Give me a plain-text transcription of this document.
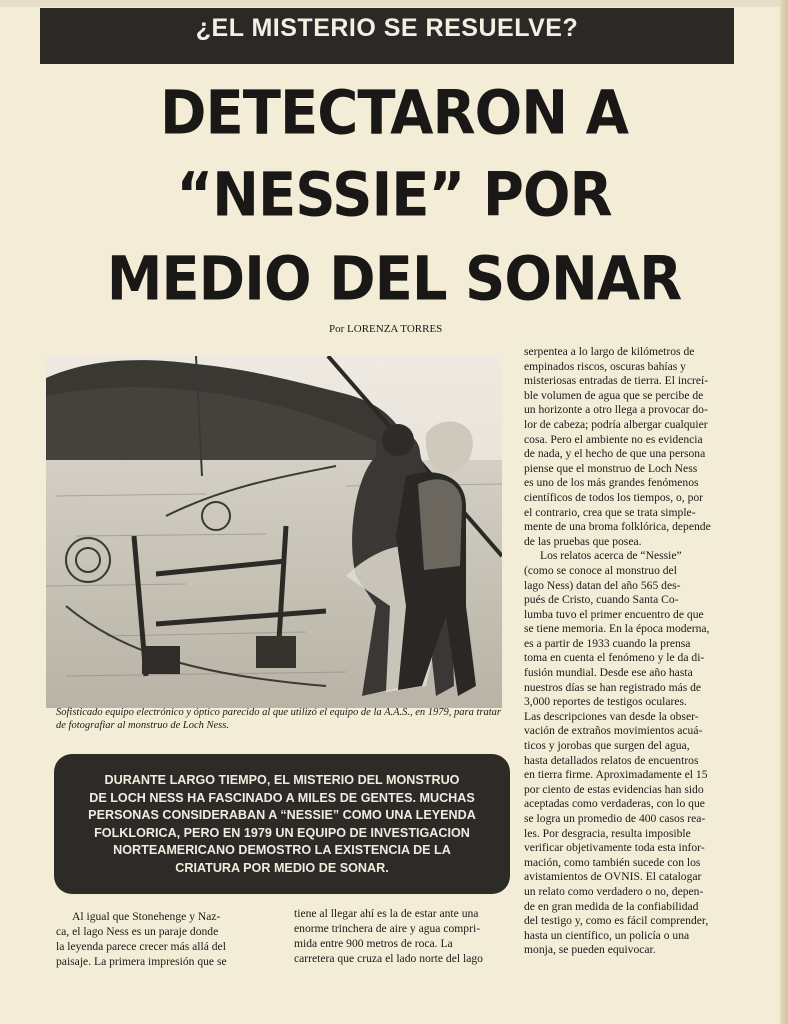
¿EL MISTERIO SE RESUELVE?
DETECTARON A
“NESSIE” POR
MEDIO DEL SONAR
Por LORENZA TORRES
Sofisticado equipo electrónico y óptico parecido al que utilizó el equipo de la A.A.S., en 1979, para tratar de fotografiar al monstruo de Loch Ness.
DURANTE LARGO TIEMPO, EL MISTERIO DEL MONSTRUO
DE LOCH NESS HA FASCINADO A MILES DE GENTES. MUCHAS
PERSONAS CONSIDERABAN A “NESSIE” COMO UNA LEYENDA
FOLKLORICA, PERO EN 1979 UN EQUIPO DE INVESTIGACION
NORTEAMERICANO DEMOSTRO LA EXISTENCIA DE LA
CRIATURA POR MEDIO DE SONAR.
Al igual que Stonehenge y Naz-
ca, el lago Ness es un paraje donde
la leyenda parece crecer más allá del
paisaje. La primera impresión que se
tiene al llegar ahí es la de estar ante una
enorme trinchera de aire y agua compri-
mida entre 900 metros de roca. La
carretera que cruza el lado norte del lago
serpentea a lo largo de kilómetros de
empinados riscos, oscuras bahías y
misteriosas entradas de tierra. El increí-
ble volumen de agua que se percibe de
un horizonte a otro llega a provocar do-
lor de cabeza; podría albergar cualquier
cosa. Pero el ambiente no es evidencia
de nada, y el hecho de que una persona
piense que el monstruo de Loch Ness
es uno de los más grandes fenómenos
científicos de todos los tiempos, o, por
el contrario, crea que se trata simple-
mente de una broma folklórica, depende
de las pruebas que posea.
Los relatos acerca de “Nessie”
(como se conoce al monstruo del
lago Ness) datan del año 565 des-
pués de Cristo, cuando Santa Co-
lumba tuvo el primer encuentro de que
se tiene memoria. En la época moderna,
es a partir de 1933 cuando la prensa
toma en cuenta el fenómeno y le da di-
fusión mundial. Desde ese año hasta
nuestros días se han registrado más de
3,000 reportes de testigos oculares.
Las descripciones van desde la obser-
vación de extraños movimientos acuá-
ticos y jorobas que surgen del agua,
hasta detallados relatos de encuentros
en tierra firme. Aproximadamente el 15
por ciento de estas evidencias han sido
aceptadas como verdaderas, con lo que
se logra un promedio de 400 casos rea-
les. Por desgracia, resulta imposible
verificar objetivamente toda esta infor-
mación, como también sucede con los
avistamientos de OVNIS. El catalogar
un relato como verdadero o no, depen-
de en gran medida de la confiabilidad
del testigo y, como es fácil comprender,
hasta un científico, un policía o una
monja, se pueden equivocar.
